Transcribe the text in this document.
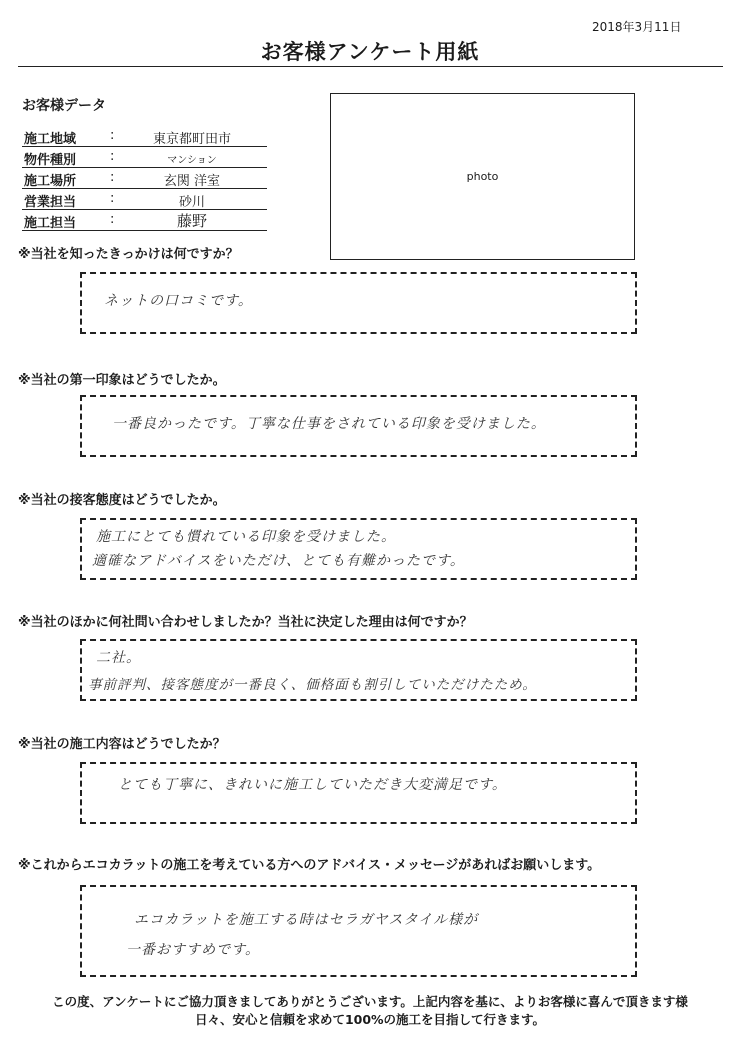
2018年3月11日
お客様アンケート用紙
お客様データ
施工地域	:	東京都町田市
物件種別	:	マンション
施工場所	:	玄関 洋室
営業担当	:	砂川
施工担当	:	藤野
photo
※当社を知ったきっかけは何ですか？
ネットの口コミです。
※当社の第一印象はどうでしたか。
一番良かったです。丁寧な仕事をされている印象を受けました。
※当社の接客態度はどうでしたか。
施工にとても慣れている印象を受けました。
適確なアドバイスをいただけ、とても有難かったです。
※当社のほかに何社問い合わせしましたか？当社に決定した理由は何ですか？
二社。
事前評判、接客態度が一番良く、価格面も割引していただけたため。
※当社の施工内容はどうでしたか？
とても丁寧に、きれいに施工していただき大変満足です。
※これからエコカラットの施工を考えている方へのアドバイス・メッセージがあればお願いします。
エコカラットを施工する時はセラガヤスタイル様が
一番おすすめです。
この度、アンケートにご協力頂きましてありがとうございます。上記内容を基に、よりお客様に喜んで頂きます様
日々、安心と信頼を求めて100%の施工を目指して行きます。
